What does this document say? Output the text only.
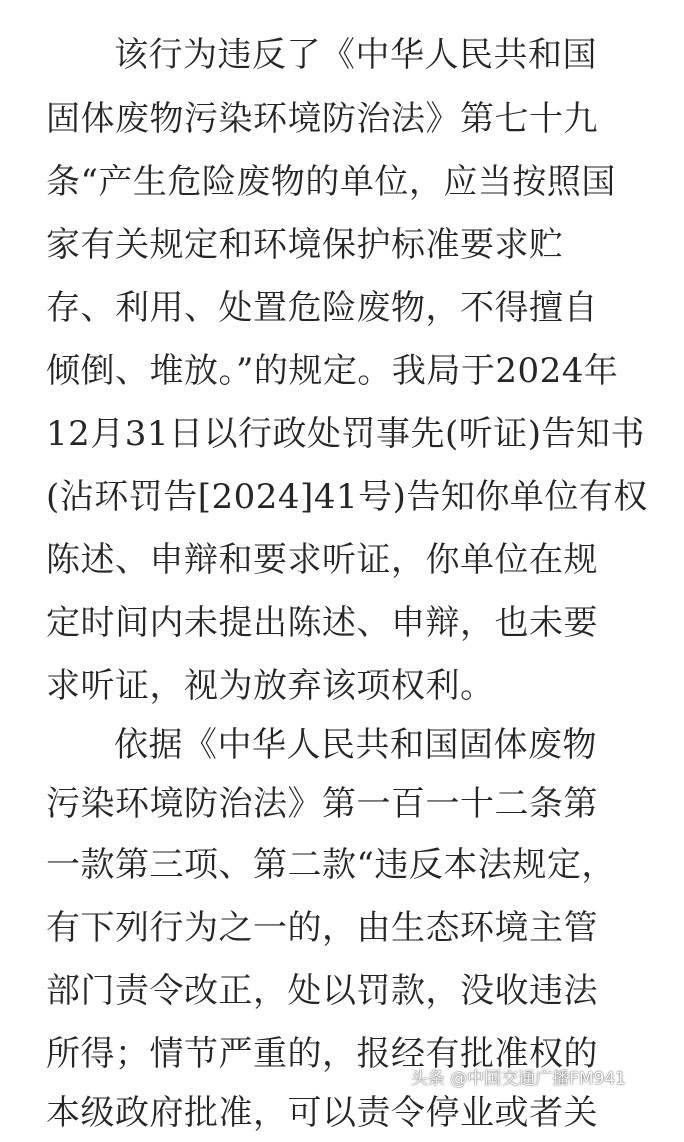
该行为违反了《中华人民共和国
固体废物污染环境防治法》第七十九
条“产生危险废物的单位，应当按照国
家有关规定和环境保护标准要求贮
存、利用、处置危险废物，不得擅自
倾倒、堆放。”的规定。我局于2024年
12月31日以行政处罚事先(听证)告知书
(沾环罚告[2024]41号)告知你单位有权
陈述、申辩和要求听证，你单位在规
定时间内未提出陈述、申辩，也未要
求听证，视为放弃该项权利。
依据《中华人民共和国固体废物
污染环境防治法》第一百一十二条第
一款第三项、第二款“违反本法规定，
有下列行为之一的，由生态环境主管
部门责令改正，处以罚款，没收违法
所得；情节严重的，报经有批准权的
本级政府批准，可以责令停业或者关
头条 @中国交通广播FM941
